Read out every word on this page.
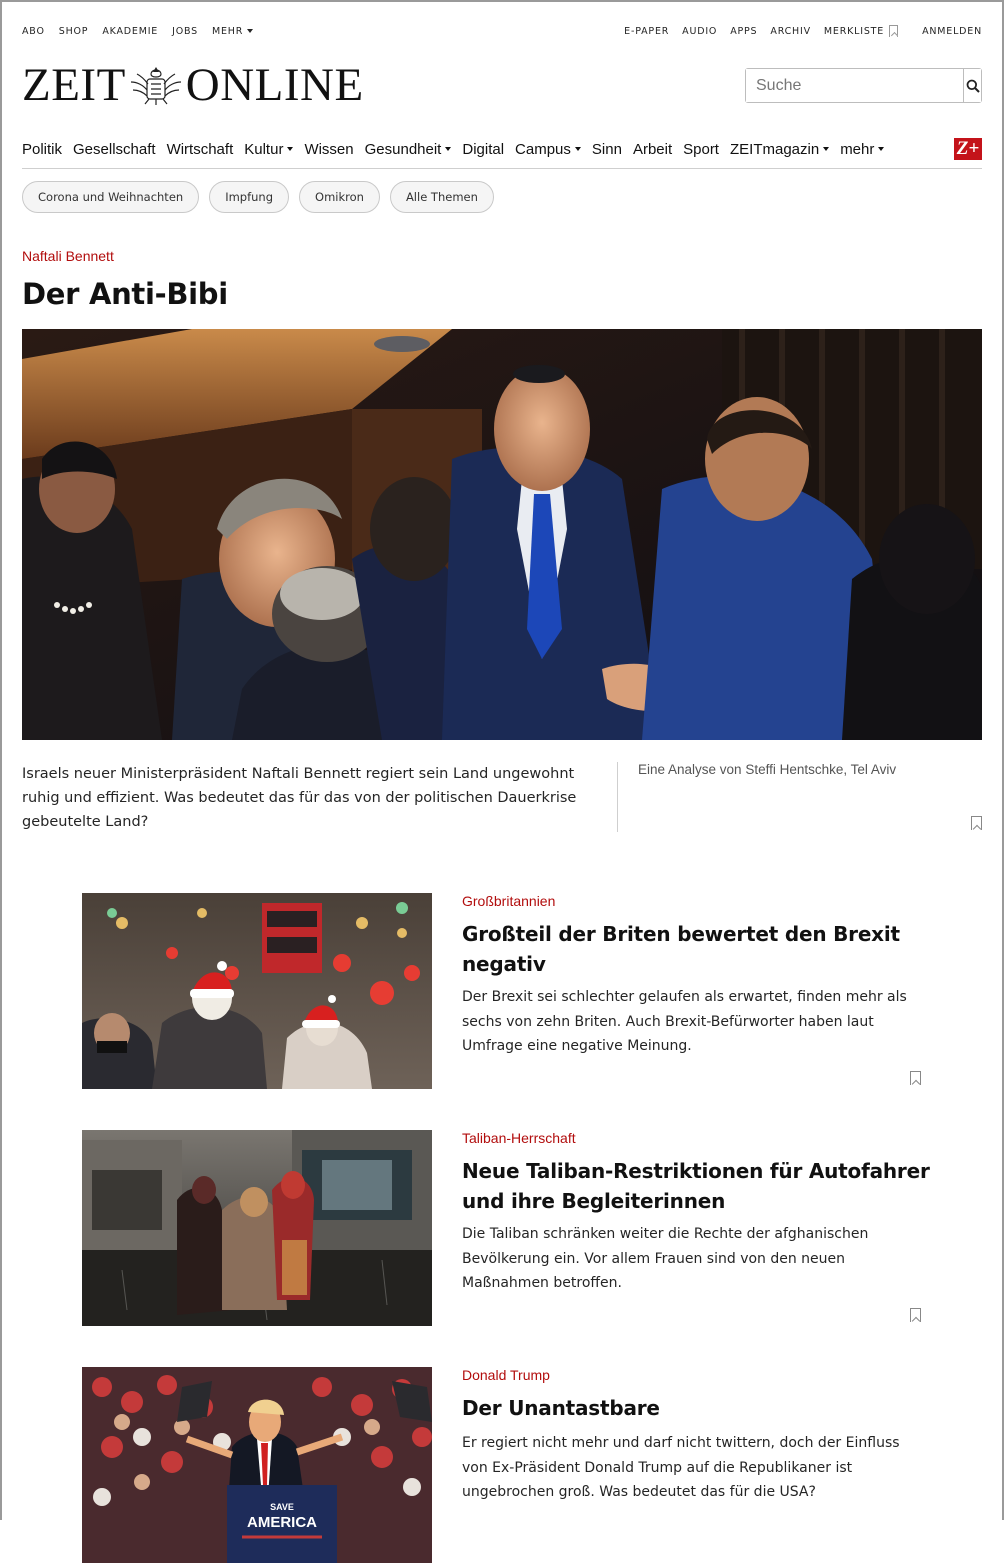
ABO SHOP AKADEMIE JOBS MEHR	E-PAPER AUDIO APPS ARCHIV MERKLISTE	ANMELDEN
ZEIT ONLINE
Suche
Politik Gesellschaft Wirtschaft Kultur Wissen Gesundheit Digital Campus Sinn Arbeit Sport ZEITmagazin mehr	Z+
Corona und Weihnachten	Impfung	Omikron	Alle Themen
Naftali Bennett
Der Anti-Bibi
Israels neuer Ministerpräsident Naftali Bennett regiert sein Land ungewohnt ruhig und effizient. Was bedeutet das für das von der politischen Dauerkrise gebeutelte Land?
Eine Analyse von Steffi Hentschke, Tel Aviv
Großbritannien
Großteil der Briten bewertet den Brexit negativ
Der Brexit sei schlechter gelaufen als erwartet, finden mehr als sechs von zehn Briten. Auch Brexit-Befürworter haben laut Umfrage eine negative Meinung.
Taliban-Herrschaft
Neue Taliban-Restriktionen für Autofahrer und ihre Begleiterinnen
Die Taliban schränken weiter die Rechte der afghanischen Bevölkerung ein. Vor allem Frauen sind von den neuen Maßnahmen betroffen.
SAVE
AMERICA
Donald Trump
Der Unantastbare
Er regiert nicht mehr und darf nicht twittern, doch der Einfluss von Ex-Präsident Donald Trump auf die Republikaner ist ungebrochen groß. Was bedeutet das für die USA?
